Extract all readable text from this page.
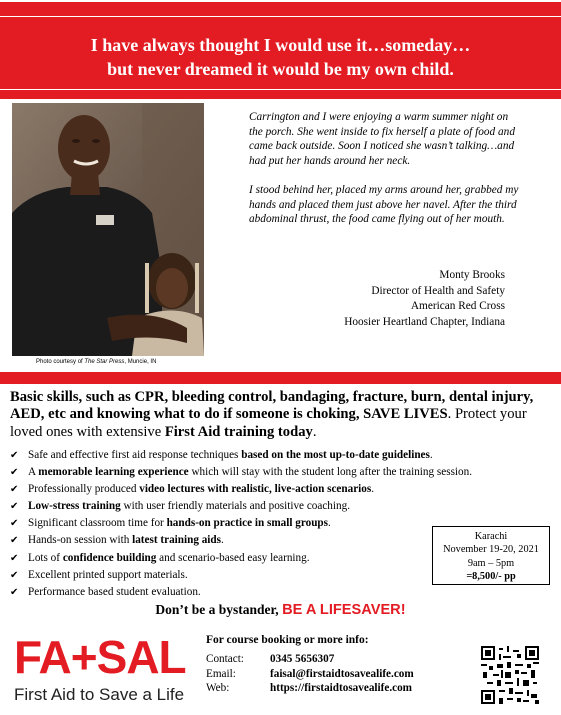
I have always thought I would use it…someday…
but never dreamed it would be my own child.
Photo courtesy of The Star Press, Muncie, IN

Carrington and I were enjoying a warm summer night on the porch. She went inside to fix herself a plate of food and came back outside. Soon I noticed she wasn’t talking…and had put her hands around her neck.

I stood behind her, placed my arms around her, grabbed my hands and placed them just above her navel. After the third abdominal thrust, the food came flying out of her mouth.

Monty Brooks
Director of Health and Safety
American Red Cross
Hoosier Heartland Chapter, Indiana
Basic skills, such as CPR, bleeding control, bandaging, fracture, burn, dental injury, AED, etc and knowing what to do if someone is choking, SAVE LIVES. Protect your loved ones with extensive First Aid training today.
✔ Safe and effective first aid response techniques based on the most up-to-date guidelines.
✔ A memorable learning experience which will stay with the student long after the training session.
✔ Professionally produced video lectures with realistic, live-action scenarios.
✔ Low-stress training with user friendly materials and positive coaching.
✔ Significant classroom time for hands-on practice in small groups.
✔ Hands-on session with latest training aids.
✔ Lots of confidence building and scenario-based easy learning.
✔ Excellent printed support materials.
✔ Performance based student evaluation.
Karachi
November 19-20, 2021
9am – 5pm
=8,500/- pp
Don’t be a bystander, BE A LIFESAVER!
FA+SAL
First Aid to Save a Life
For course booking or more info:
Contact:	0345 5656307
Email:	faisal@firstaidtosavealife.com
Web:	https://firstaidtosavealife.com
